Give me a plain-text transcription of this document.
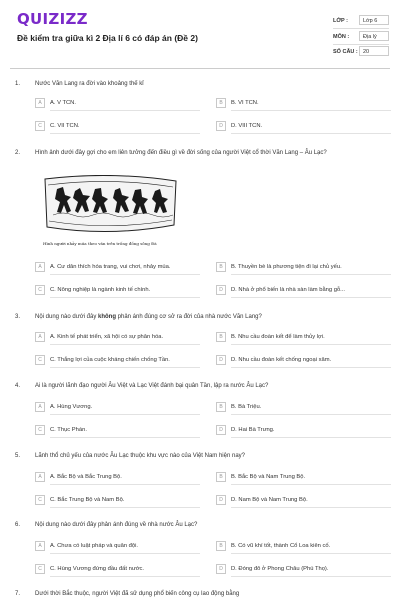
QUIZIZZ
Đề kiểm tra giữa kì 2 Địa lí 6 có đáp án (Đề 2)
LỚP :	Lớp 6
MÔN :	Địa lý
SỐ CÂU : 20
1. Nước Văn Lang ra đời vào khoảng thế kỉ
A	A. V TCN.	B	B. VI TCN.
C	C. VII TCN.	D	D. VIII TCN.
2. Hình ảnh dưới đây gợi cho em liên tưởng đến điều gì về đời sống của người Việt cổ thời Văn Lang – Âu Lạc?
Hình người nhảy múa theo văn trên trống đồng sông Đà
A	A. Cư dân thích hóa trang, vui chơi, nhảy múa.	B	B. Thuyền bè là phương tiện đi lại chủ yếu.
C	C. Nông nghiệp là ngành kinh tế chính.	D	D. Nhà ở phổ biến là nhà sàn làm bằng gỗ...
3. Nội dung nào dưới đây không phản ánh đúng cơ sở ra đời của nhà nước Văn Lang?
A	A. Kinh tế phát triển, xã hội có sự phân hóa.	B	B. Nhu cầu đoàn kết để làm thủy lợi.
C	C. Thắng lợi của cuộc kháng chiến chống Tần.	D	D. Nhu cầu đoàn kết chống ngoại xâm.
4. Ai là người lãnh đạo người Âu Việt và Lạc Việt đánh bại quân Tần, lập ra nước Âu Lạc?
A	A. Hùng Vương.	B	B. Bà Triệu.
C	C. Thục Phán.	D	D. Hai Bà Trưng.
5. Lãnh thổ chủ yếu của nước Âu Lạc thuộc khu vực nào của Việt Nam hiện nay?
A	A. Bắc Bộ và Bắc Trung Bộ.	B	B. Bắc Bộ và Nam Trung Bộ.
C	C. Bắc Trung Bộ và Nam Bộ.	D	D. Nam Bộ và Nam Trung Bộ.
6. Nội dung nào dưới đây phản ánh đúng về nhà nước Âu Lạc?
A	A. Chưa có luật pháp và quân đội.	B	B. Có vũ khí tốt, thành Cổ Loa kiên cố.
C	C. Hùng Vương đứng đầu đất nước.	D	D. Đóng đô ở Phong Châu (Phú Thọ).
7. Dưới thời Bắc thuộc, người Việt đã sử dụng phổ biến công cụ lao động bằng
